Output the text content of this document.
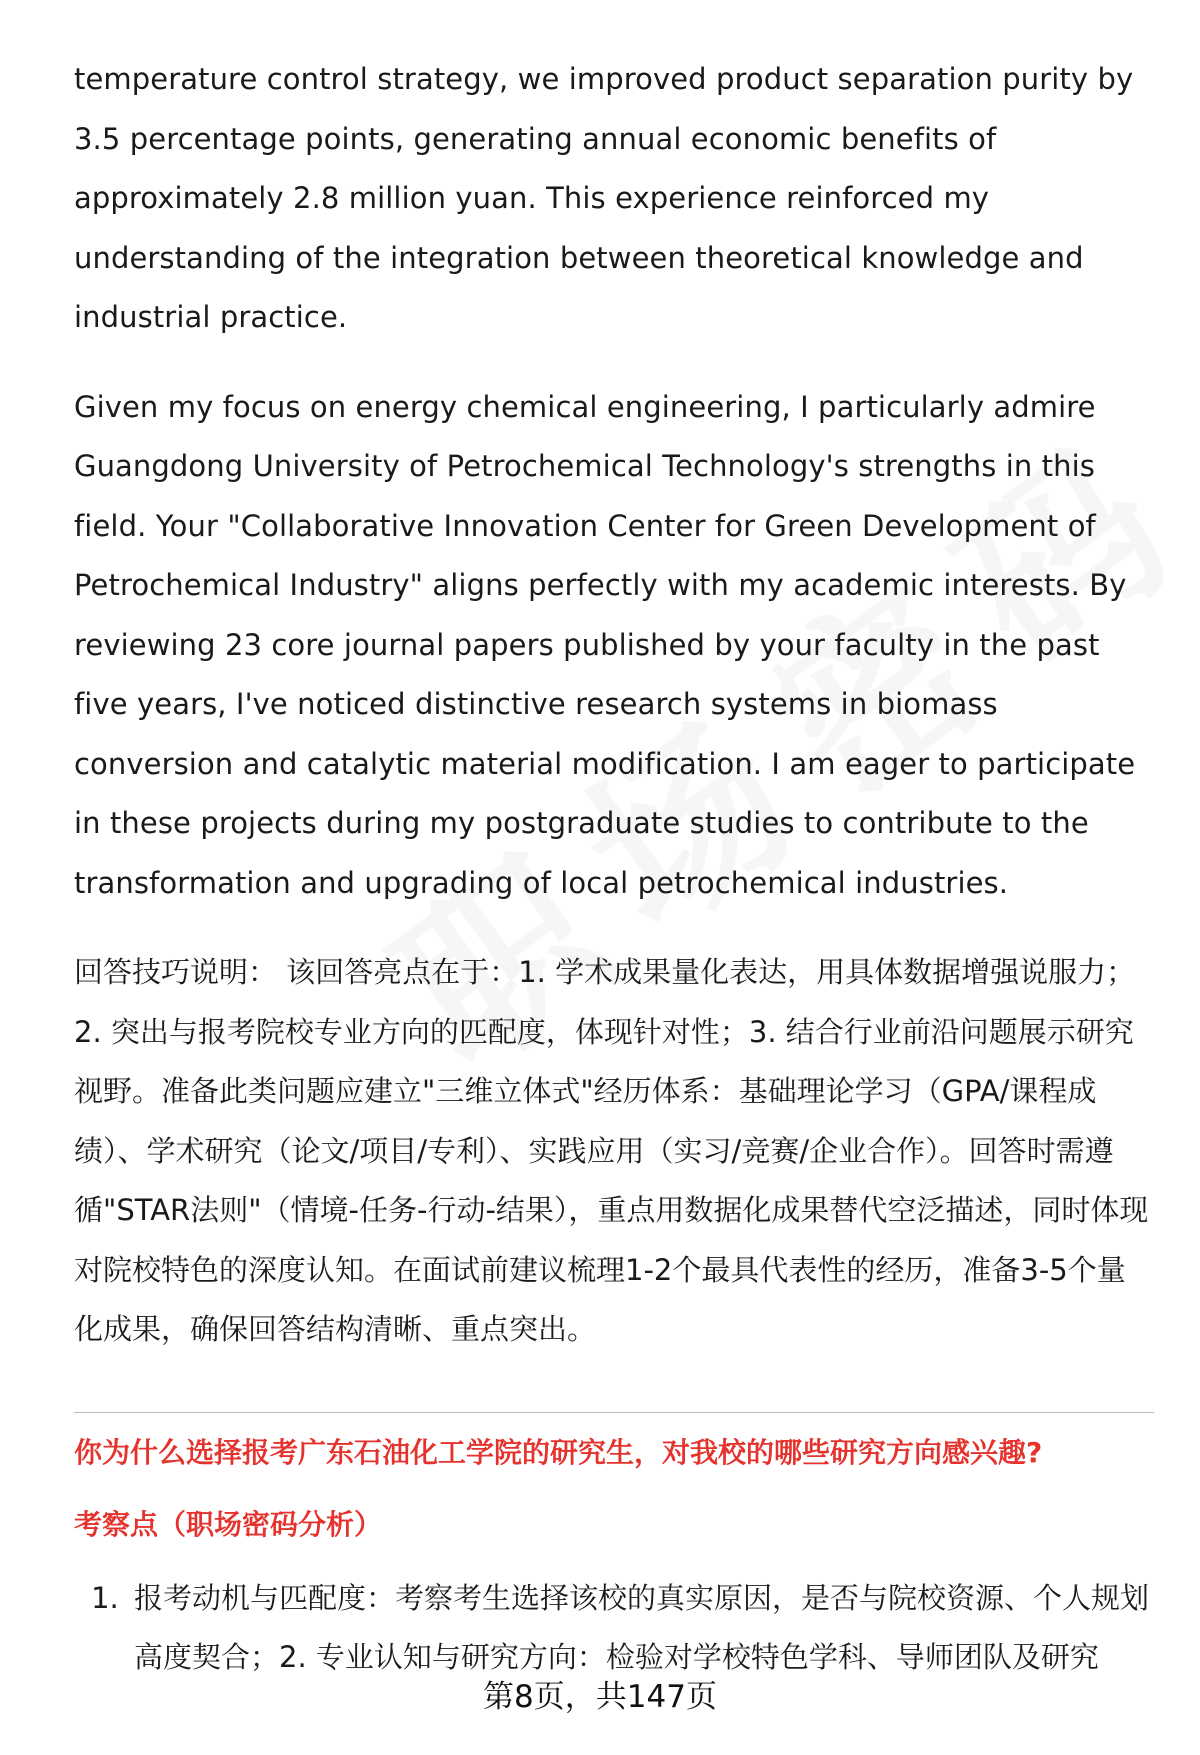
temperature control strategy, we improved product separation purity by 3.5 percentage points, generating annual economic benefits of approximately 2.8 million yuan. This experience reinforced my understanding of the integration between theoretical knowledge and industrial practice.

Given my focus on energy chemical engineering, I particularly admire Guangdong University of Petrochemical Technology's strengths in this field. Your "Collaborative Innovation Center for Green Development of Petrochemical Industry" aligns perfectly with my academic interests. By reviewing 23 core journal papers published by your faculty in the past five years, I've noticed distinctive research systems in biomass conversion and catalytic material modification. I am eager to participate in these projects during my postgraduate studies to contribute to the transformation and upgrading of local petrochemical industries.

回答技巧说明： 该回答亮点在于：1. 学术成果量化表达，用具体数据增强说服力；2. 突出与报考院校专业方向的匹配度，体现针对性；3. 结合行业前沿问题展示研究视野。准备此类问题应建立"三维立体式"经历体系：基础理论学习（GPA/课程成绩）、学术研究（论文/项目/专利）、实践应用（实习/竞赛/企业合作）。回答时需遵循"STAR法则"（情境-任务-行动-结果），重点用数据化成果替代空泛描述，同时体现对院校特色的深度认知。在面试前建议梳理1-2个最具代表性的经历，准备3-5个量化成果，确保回答结构清晰、重点突出。

你为什么选择报考广东石油化工学院的研究生，对我校的哪些研究方向感兴趣?
考察点（职场密码分析）
1. 报考动机与匹配度：考察考生选择该校的真实原因，是否与院校资源、个人规划高度契合；2. 专业认知与研究方向：检验对学校特色学科、导师团队及研究
第8页，共147页
